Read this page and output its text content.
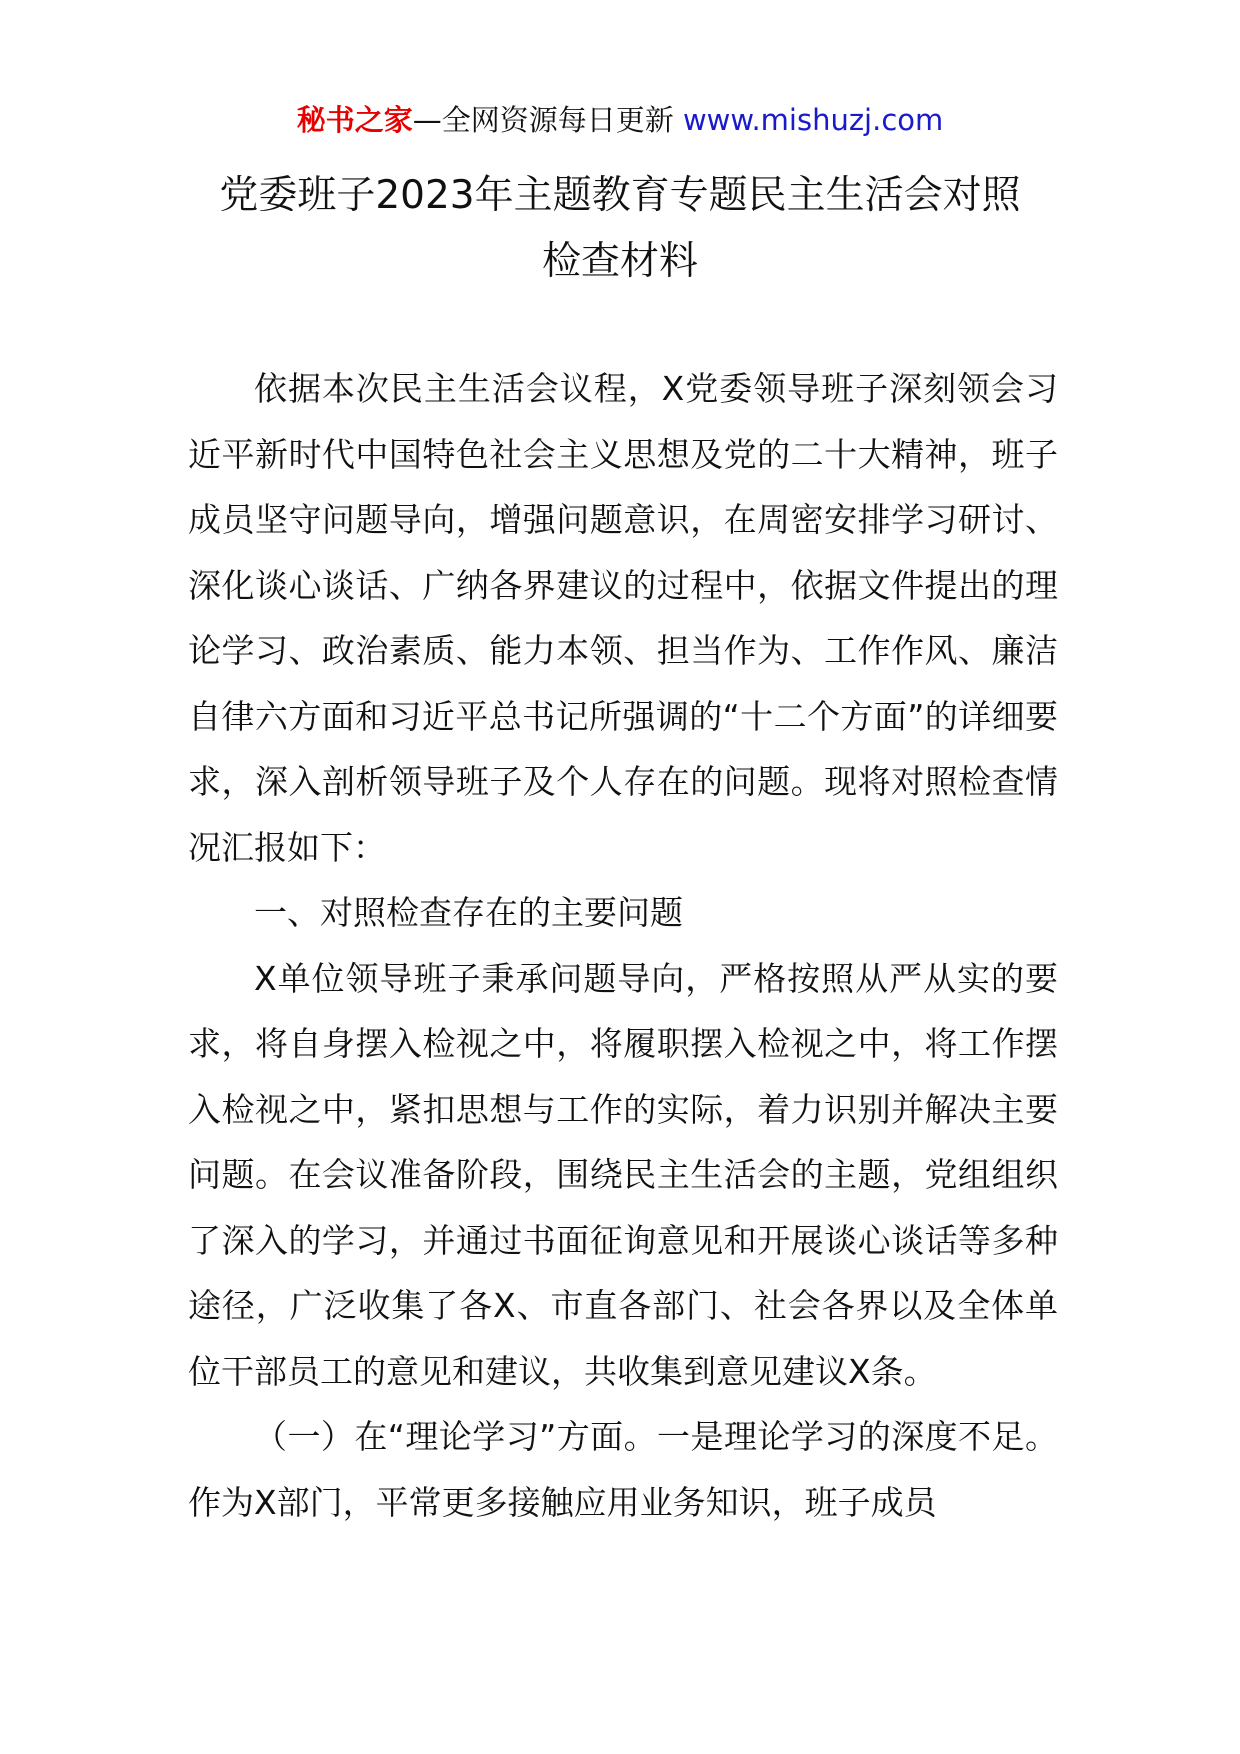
秘书之家—全网资源每日更新 www.mishuzj.com
党委班子2023年主题教育专题民主生活会对照
检查材料

依据本次民主生活会议程，X党委领导班子深刻领会习近平新时代中国特色社会主义思想及党的二十大精神，班子成员坚守问题导向，增强问题意识，在周密安排学习研讨、深化谈心谈话、广纳各界建议的过程中，依据文件提出的理论学习、政治素质、能力本领、担当作为、工作作风、廉洁自律六方面和习近平总书记所强调的“十二个方面”的详细要求，深入剖析领导班子及个人存在的问题。现将对照检查情况汇报如下：

一、对照检查存在的主要问题

X单位领导班子秉承问题导向，严格按照从严从实的要求，将自身摆入检视之中，将履职摆入检视之中，将工作摆入检视之中，紧扣思想与工作的实际，着力识别并解决主要问题。在会议准备阶段，围绕民主生活会的主题，党组组织了深入的学习，并通过书面征询意见和开展谈心谈话等多种途径，广泛收集了各X、市直各部门、社会各界以及全体单位干部员工的意见和建议，共收集到意见建议X条。

（一）在“理论学习”方面。一是理论学习的深度不足。作为X部门，平常更多接触应用业务知识，班子成员
